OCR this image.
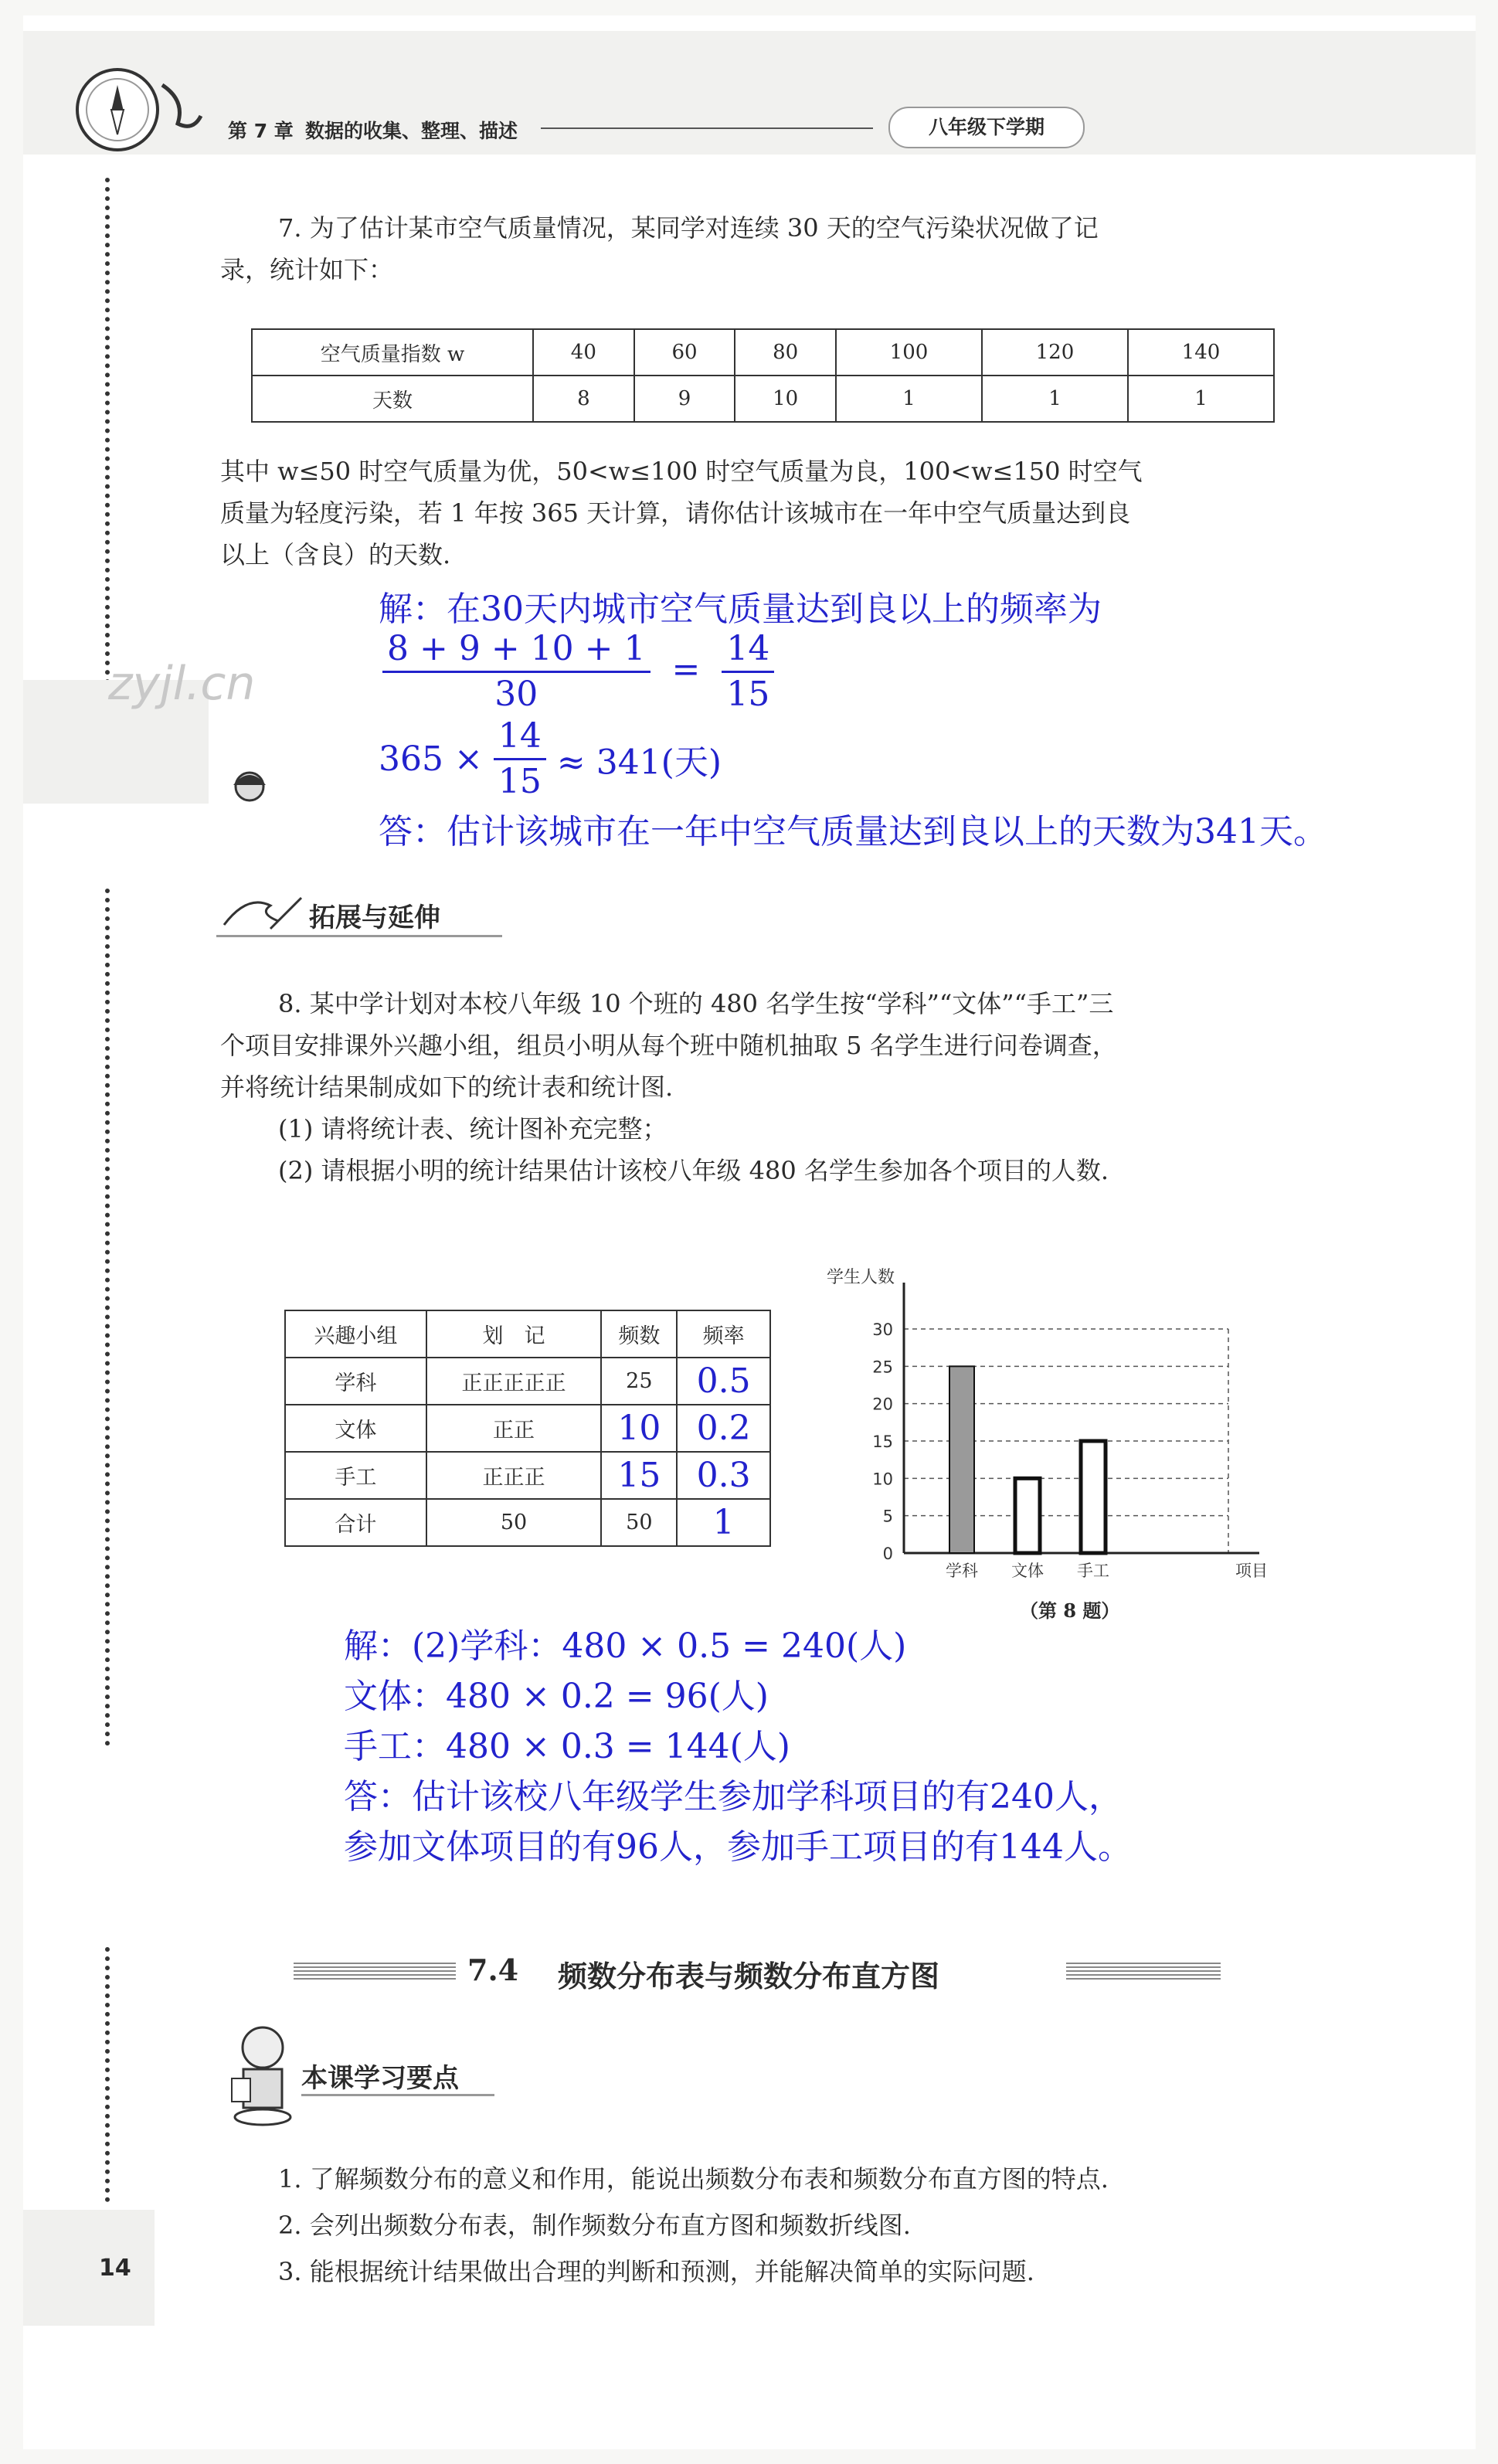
第 7 章 数据的收集、整理、描述	八年级下学期
zyjl.cn

7. 为了估计某市空气质量情况，某同学对连续 30 天的空气污染状况做了记

录，统计如下：

空气质量指数 w	40	60	80	100	120	140
天数	8	9	10	1	1	1

其中 w≤50 时空气质量为优，50<w≤100 时空气质量为良，100<w≤150 时空气

质量为轻度污染，若 1 年按 365 天计算，请你估计该城市在一年中空气质量达到良

以上（含良）的天数.

解：在30天内城市空气质量达到良以上的频率为
$\frac{8 + 9 + 10 + 1}{30} = \frac{14}{15}$
$365 \times \frac{14}{15} \approx 341$(天)
答：估计该城市在一年中空气质量达到良以上的天数为341天。
拓展与延伸

8. 某中学计划对本校八年级 10 个班的 480 名学生按“学科”“文体”“手工”三

个项目安排课外兴趣小组，组员小明从每个班中随机抽取 5 名学生进行问卷调查，

并将统计结果制成如下的统计表和统计图.

(1) 请将统计表、统计图补充完整；

(2) 请根据小明的统计结果估计该校八年级 480 名学生参加各个项目的人数.

兴趣小组	划　记	频数	频率
学科	正正正正正	25	0.5
文体	正正	10	0.2
手工	正正正	15	0.3
合计	50	50	1
学生人数
0
5
10
15
20
25
30
学科 文体 手工	项目
（第 8 题）
解：(2)学科：480 × 0.5 = 240(人)
文体：480 × 0.2 = 96(人)
手工：480 × 0.3 = 144(人)
答：估计该校八年级学生参加学科项目的有240人，
参加文体项目的有96人，参加手工项目的有144人。
7.4 频数分布表与频数分布直方图
本课学习要点

1. 了解频数分布的意义和作用，能说出频数分布表和频数分布直方图的特点.

2. 会列出频数分布表，制作频数分布直方图和频数折线图.

3. 能根据统计结果做出合理的判断和预测，并能解决简单的实际问题.

14
